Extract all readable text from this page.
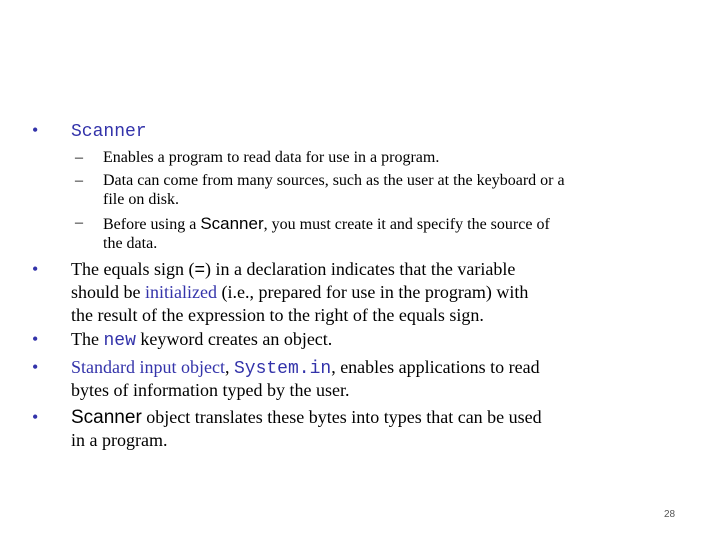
• Scanner
– Enables a program to read data for use in a program.
– Data can come from many sources, such as the user at the keyboard or a
file on disk.
– Before using a Scanner, you must create it and specify the source of
the data.
• The equals sign (=) in a declaration indicates that the variable
should be initialized (i.e., prepared for use in the program) with
the result of the expression to the right of the equals sign.
• The new keyword creates an object.
• Standard input object, System.in, enables applications to read
bytes of information typed by the user.
• Scanner object translates these bytes into types that can be used
in a program.
28
